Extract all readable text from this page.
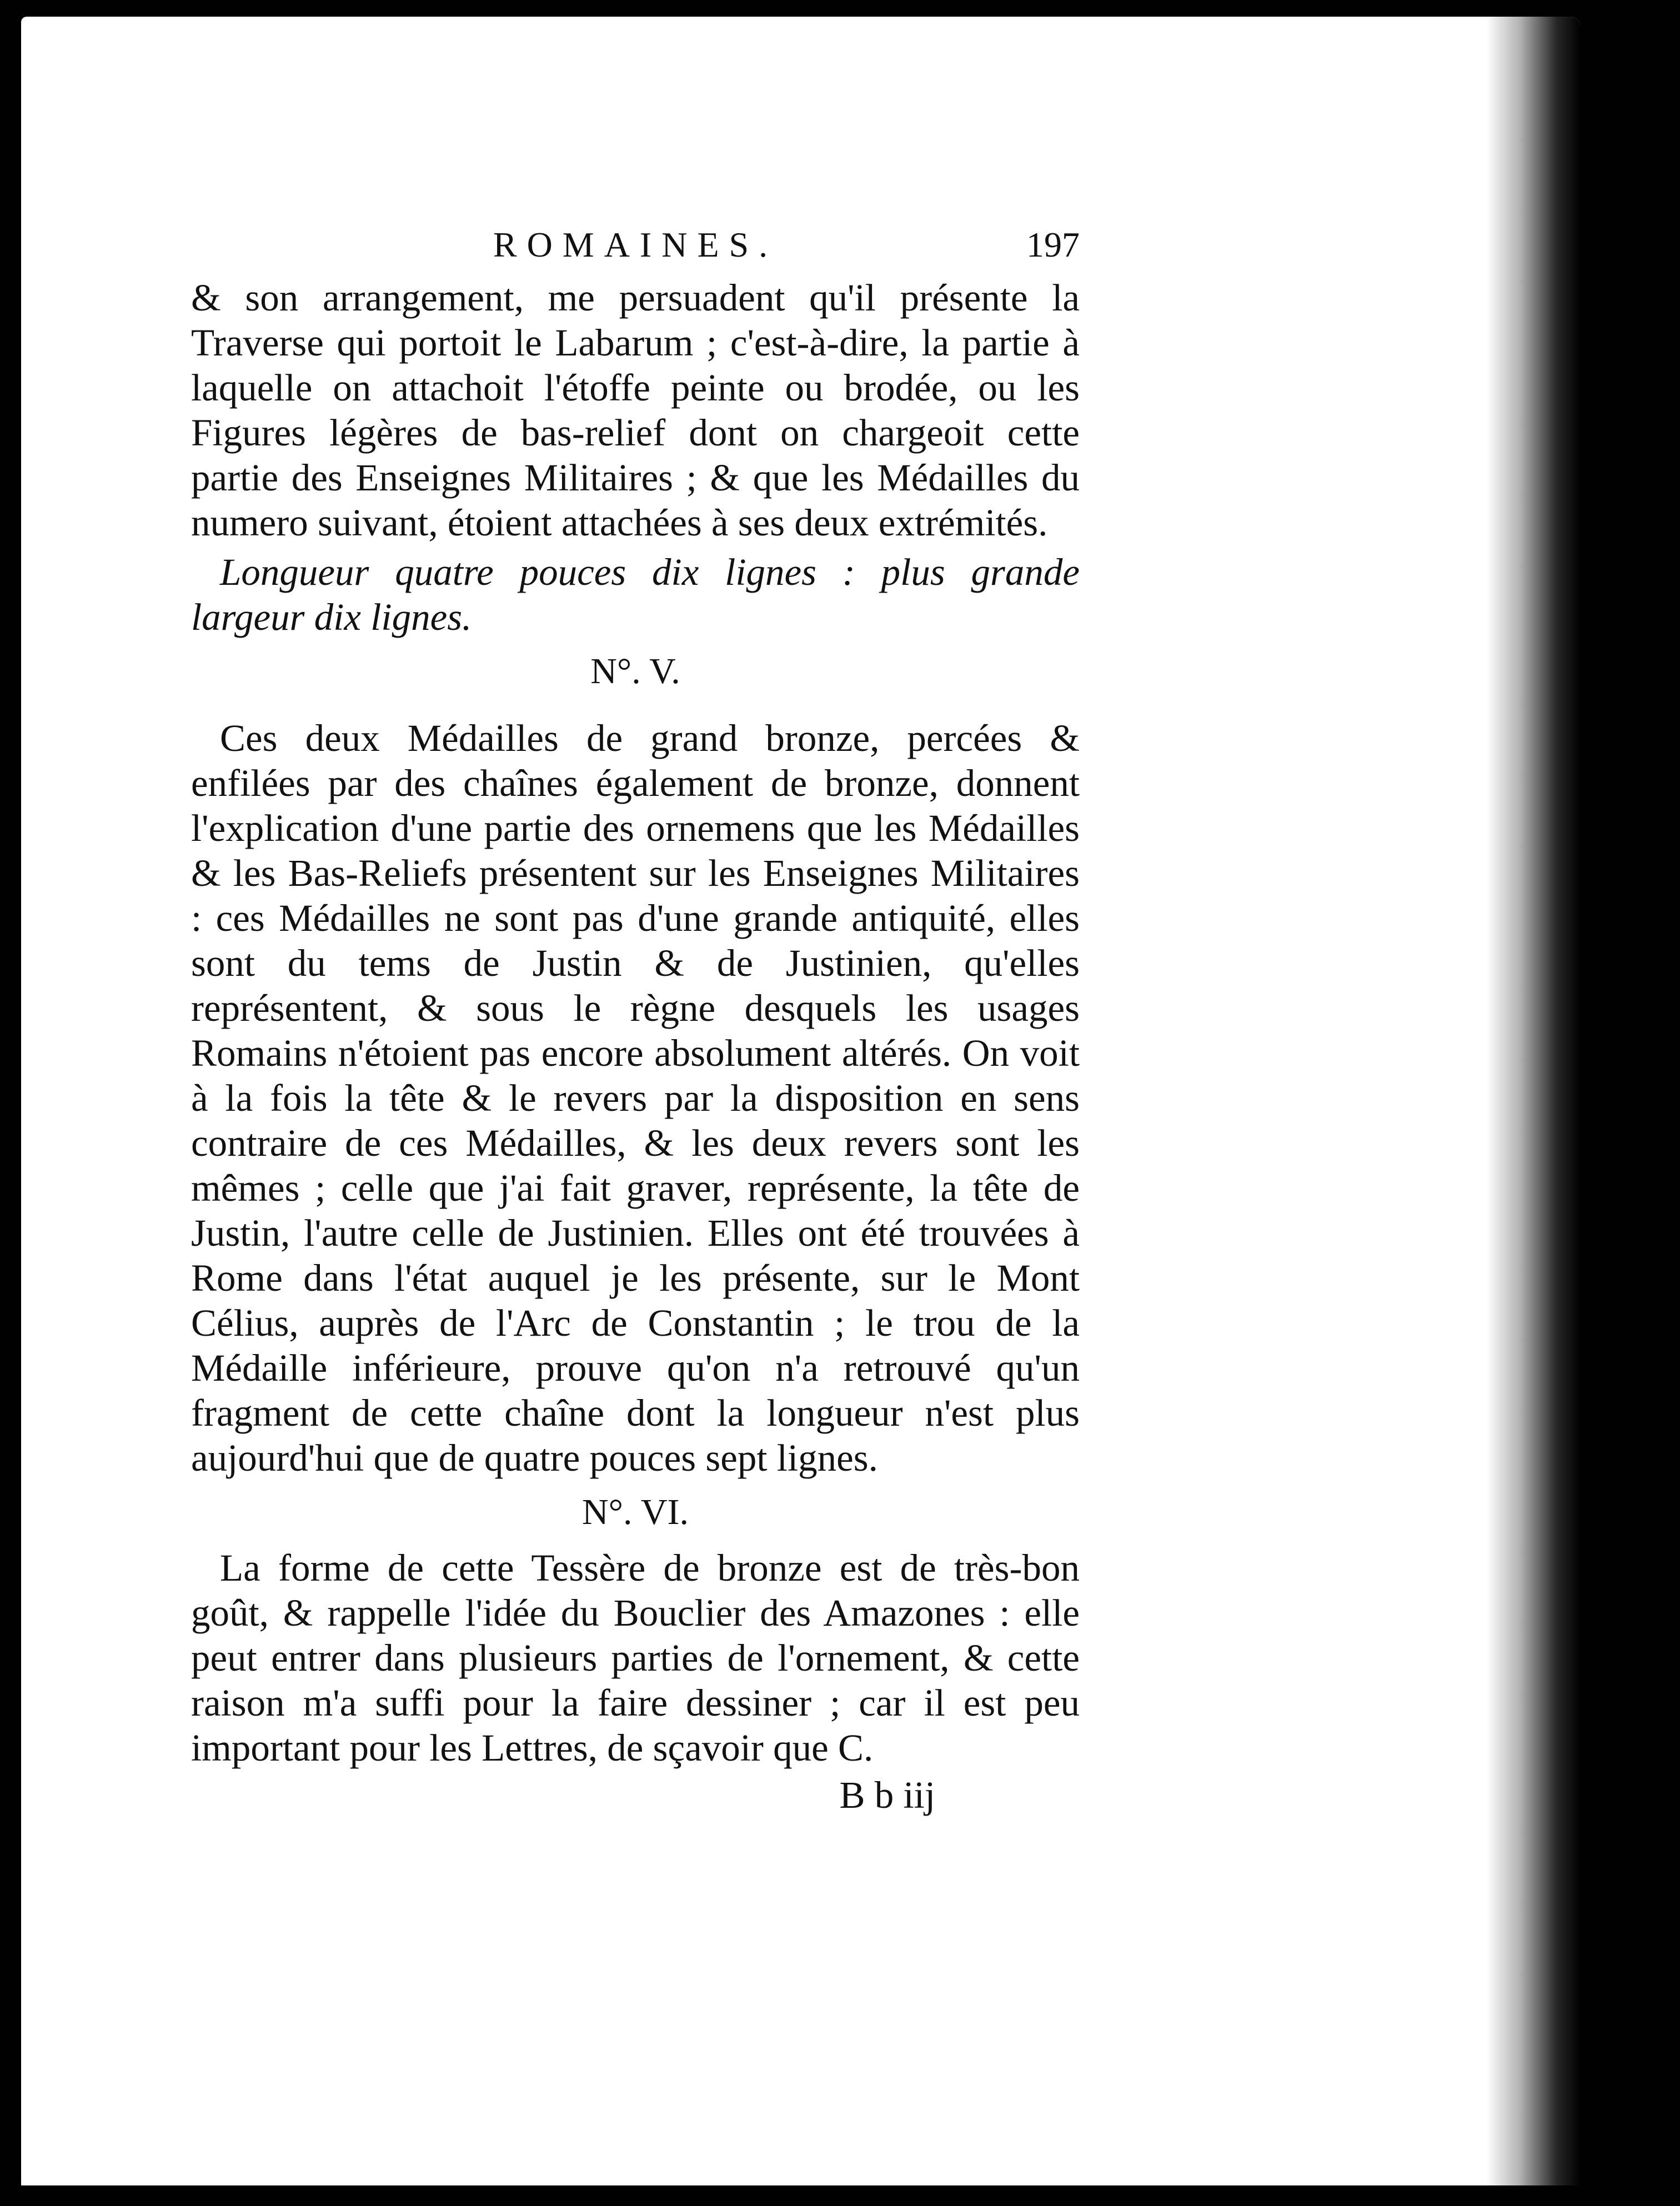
ROMAINES.	197

& son arrangement, me persuadent qu'il présente la Traverse qui portoit le Labarum ; c'est-à-dire, la partie à laquelle on attachoit l'étoffe peinte ou brodée, ou les Figures légères de bas-relief dont on chargeoit cette partie des Enseignes Militaires ; & que les Médailles du numero suivant, étoient attachées à ses deux extrémités.

Longueur quatre pouces dix lignes : plus grande largeur dix lignes.

N°. V.

Ces deux Médailles de grand bronze, percées & enfilées par des chaînes également de bronze, donnent l'explication d'une partie des ornemens que les Médailles & les Bas-Reliefs présentent sur les Enseignes Militaires : ces Médailles ne sont pas d'une grande antiquité, elles sont du tems de Justin & de Justinien, qu'elles représentent, & sous le règne desquels les usages Romains n'étoient pas encore absolument altérés. On voit à la fois la tête & le revers par la disposition en sens contraire de ces Médailles, & les deux revers sont les mêmes ; celle que j'ai fait graver, représente, la tête de Justin, l'autre celle de Justinien. Elles ont été trouvées à Rome dans l'état auquel je les présente, sur le Mont Célius, auprès de l'Arc de Constantin ; le trou de la Médaille inférieure, prouve qu'on n'a retrouvé qu'un fragment de cette chaîne dont la longueur n'est plus aujourd'hui que de quatre pouces sept lignes.

N°. VI.

La forme de cette Tessère de bronze est de très-bon goût, & rappelle l'idée du Bouclier des Amazones : elle peut entrer dans plusieurs parties de l'ornement, & cette raison m'a suffi pour la faire dessiner ; car il est peu important pour les Lettres, de sçavoir que C.

B b iij
